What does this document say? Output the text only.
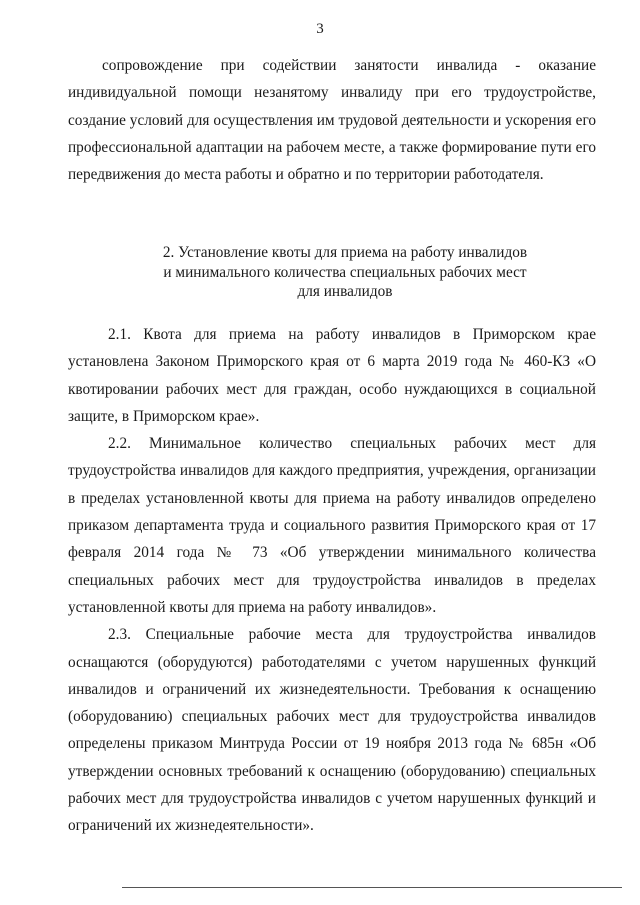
3
сопровождение при содействии занятости инвалида - оказание индивидуальной помощи незанятому инвалиду при его трудоустройстве, создание условий для осуществления им трудовой деятельности и ускорения его профессиональной адаптации на рабочем месте, а также формирование пути его передвижения до места работы и обратно и по территории работодателя.
2. Установление квоты для приема на работу инвалидов
и минимального количества специальных рабочих мест
для инвалидов

2.1. Квота для приема на работу инвалидов в Приморском крае установлена Законом Приморского края от 6 марта 2019 года № 460-КЗ «О квотировании рабочих мест для граждан, особо нуждающихся в социальной защите, в Приморском крае».

2.2. Минимальное количество специальных рабочих мест для трудоустройства инвалидов для каждого предприятия, учреждения, организации в пределах установленной квоты для приема на работу инвалидов определено приказом департамента труда и социального развития Приморского края от 17 февраля 2014 года № 73 «Об утверждении минимального количества специальных рабочих мест для трудоустройства инвалидов в пределах установленной квоты для приема на работу инвалидов».

2.3. Специальные рабочие места для трудоустройства инвалидов оснащаются (оборудуются) работодателями с учетом нарушенных функций инвалидов и ограничений их жизнедеятельности. Требования к оснащению (оборудованию) специальных рабочих мест для трудоустройства инвалидов определены приказом Минтруда России от 19 ноября 2013 года № 685н «Об утверждении основных требований к оснащению (оборудованию) специальных рабочих мест для трудоустройства инвалидов с учетом нарушенных функций и ограничений их жизнедеятельности».
